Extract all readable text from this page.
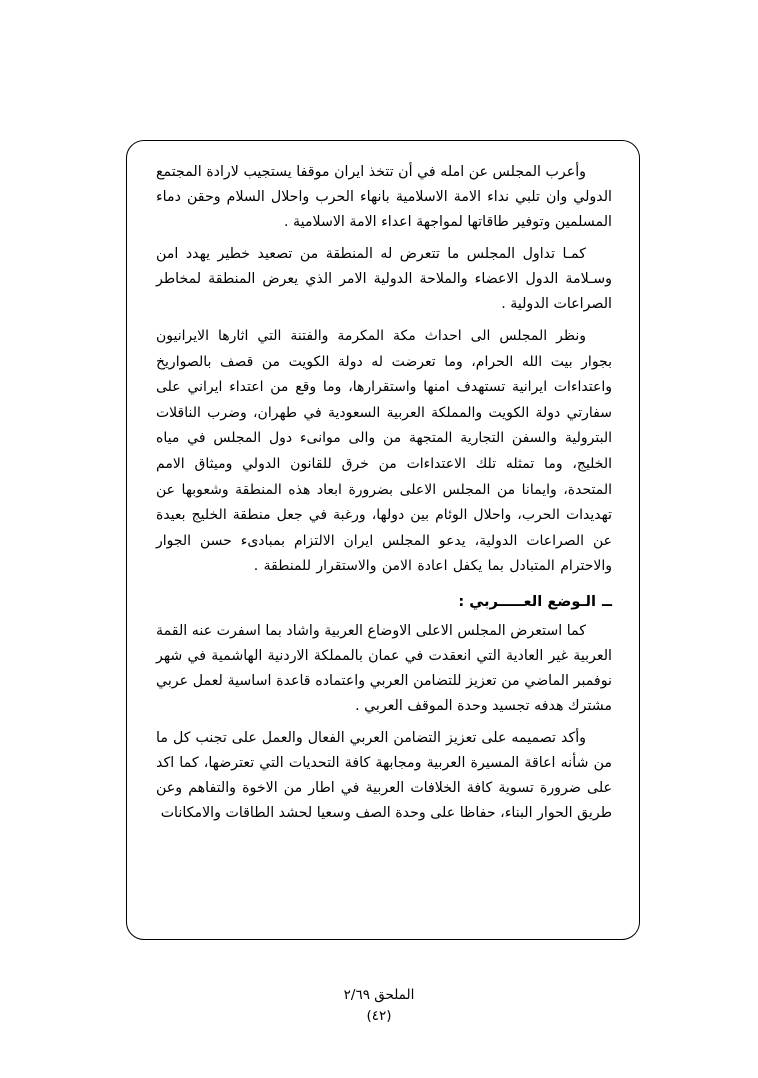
وأعرب المجلس عن امله في أن تتخذ ايران موقفا يستجيب لارادة المجتمع الدولي وان تلبي نداء الامة الاسلامية بانهاء الحرب واحلال السلام وحقن دماء المسلمين وتوفير طاقاتها لمواجهة اعداء الامة الاسلامية .

كمـا تداول المجلس ما تتعرض له المنطقة من تصعيد خطير يهدد امن وسـلامة الدول الاعضاء والملاحة الدولية الامر الذي يعرض المنطقة لمخاطر الصراعات الدولية .

ونظر المجلس الى احداث مكة المكرمة والفتنة التي اثارها الايرانيون بجوار بيت الله الحرام، وما تعرضت له دولة الكويت من قصف بالصواريخ واعتداءات ايرانية تستهدف امنها واستقرارها، وما وقع من اعتداء ايراني على سفارتي دولة الكويت والمملكة العربية السعودية في طهران، وضرب الناقلات البترولية والسفن التجارية المتجهة من والى موانىء دول المجلس في مياه الخليج، وما تمثله تلك الاعتداءات من خرق للقانون الدولي وميثاق الامم المتحدة، وايمانا من المجلس الاعلى بضرورة ابعاد هذه المنطقة وشعوبها عن تهديدات الحرب، واحلال الوئام بين دولها، ورغبة في جعل منطقة الخليج بعيدة عن الصراعات الدولية، يدعو المجلس ايران الالتزام بمبادىء حسن الجوار والاحترام المتبادل بما يكفل اعادة الامن والاستقرار للمنطقة .

ــالـوضع العـــــربي :

كما استعرض المجلس الاعلى الاوضاع العربية واشاد بما اسفرت عنه القمة العربية غير العادية التي انعقدت في عمان بالمملكة الاردنية الهاشمية في شهر نوفمبر الماضي من تعزيز للتضامن العربي واعتماده قاعدة اساسية لعمل عربي مشترك هدفه تجسيد وحدة الموقف العربي .

وأكد تصميمه على تعزيز التضامن العربي الفعال والعمل على تجنب كل ما من شأنه اعاقة المسيرة العربية ومجابهة كافة التحديات التي تعترضها، كما اكد على ضرورة تسوية كافة الخلافات العربية في اطار من الاخوة والتفاهم وعن طريق الحوار البناء، حفاظا على وحدة الصف وسعيا لحشد الطاقات والامكانات

الملحق ٢/٦٩
(٤٢)
